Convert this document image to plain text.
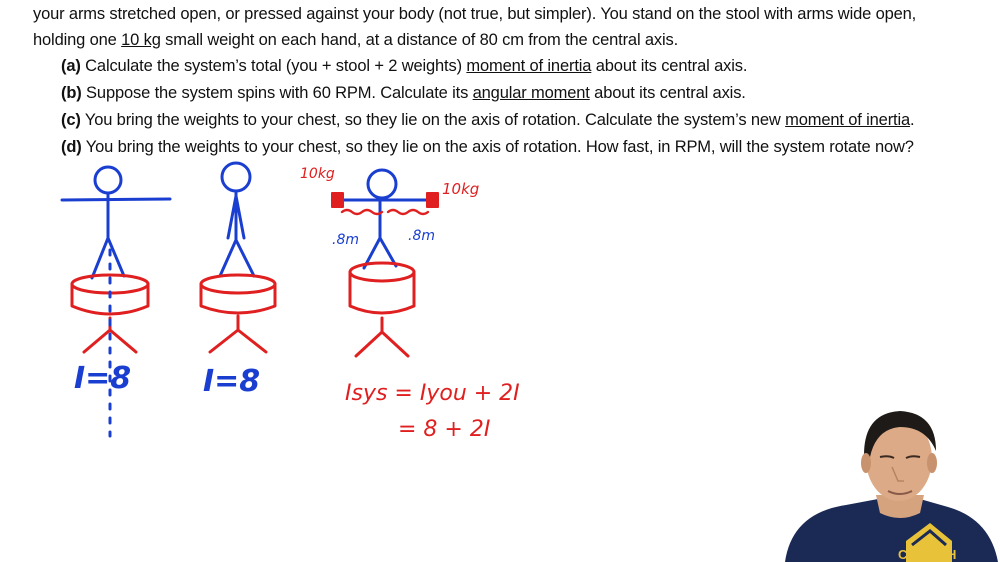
your arms stretched open, or pressed against your body (not true, but simpler). You stand on the stool with arms wide open,
holding one 10 kg small weight on each hand, at a distance of 80 cm from the central axis.
(a) Calculate the system’s total (you + stool + 2 weights) moment of inertia about its central axis.
(b) Suppose the system spins with 60 RPM. Calculate its angular moment about its central axis.
(c) You bring the weights to your chest, so they lie on the axis of rotation. Calculate the system’s new moment of inertia.
(d) You bring the weights to your chest, so they lie on the axis of rotation. How fast, in RPM, will the system rotate now?
I=8 I=8
10kg
10kg
.8m	.8m
Isys = Iyou + 2I
= 8 + 2I
CLUTCH
